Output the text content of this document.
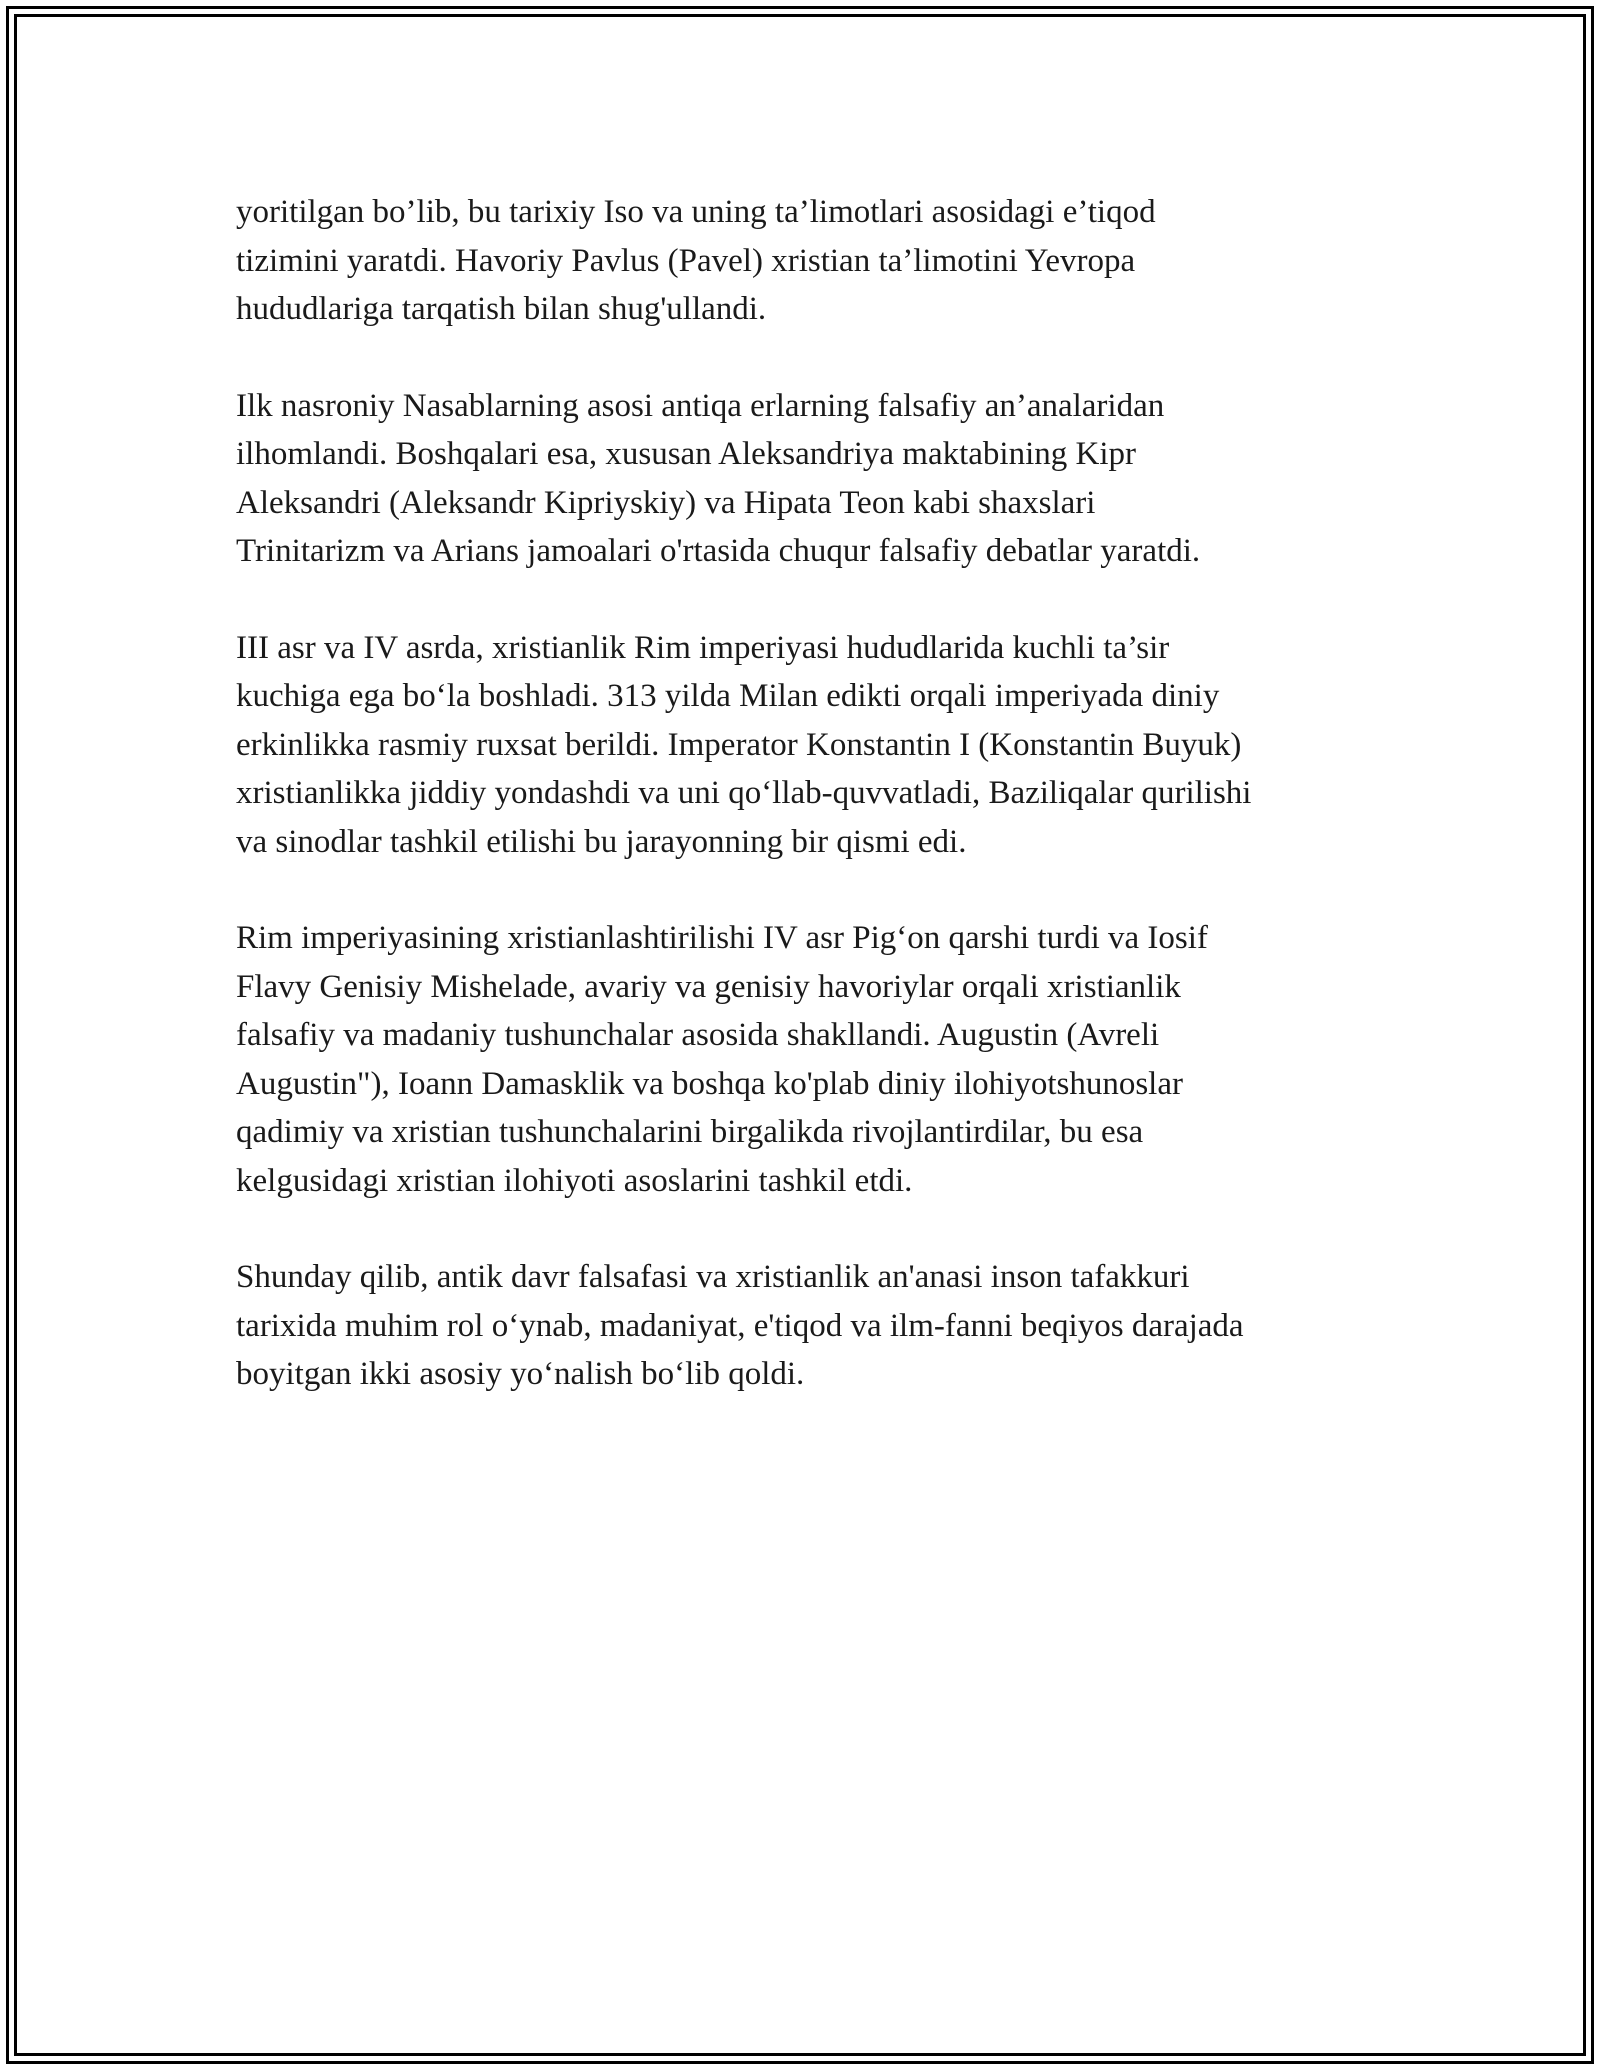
yoritilgan bo’lib, bu tarixiy Iso va uning ta’limotlari asosidagi e’tiqod
tizimini yaratdi. Havoriy Pavlus (Pavel) xristian ta’limotini Yevropa
hududlariga tarqatish bilan shug'ullandi.

Ilk nasroniy Nasablarning asosi antiqa erlarning falsafiy an’analaridan
ilhomlandi. Boshqalari esa, xususan Aleksandriya maktabining Kipr
Aleksandri (Aleksandr Kipriyskiy) va Hipata Teon kabi shaxslari
Trinitarizm va Arians jamoalari o'rtasida chuqur falsafiy debatlar yaratdi.

III asr va IV asrda, xristianlik Rim imperiyasi hududlarida kuchli ta’sir
kuchiga ega bo‘la boshladi. 313 yilda Milan edikti orqali imperiyada diniy
erkinlikka rasmiy ruxsat berildi. Imperator Konstantin I (Konstantin Buyuk)
xristianlikka jiddiy yondashdi va uni qo‘llab-quvvatladi, Baziliqalar qurilishi
va sinodlar tashkil etilishi bu jarayonning bir qismi edi.

Rim imperiyasining xristianlashtirilishi IV asr Pig‘on qarshi turdi va Iosif
Flavy Genisiy Mishelade, avariy va genisiy havoriylar orqali xristianlik
falsafiy va madaniy tushunchalar asosida shakllandi. Augustin (Avreli
Augustin"), Ioann Damasklik va boshqa ko'plab diniy ilohiyotshunoslar
qadimiy va xristian tushunchalarini birgalikda rivojlantirdilar, bu esa
kelgusidagi xristian ilohiyoti asoslarini tashkil etdi.

Shunday qilib, antik davr falsafasi va xristianlik an'anasi inson tafakkuri
tarixida muhim rol o‘ynab, madaniyat, e'tiqod va ilm-fanni beqiyos darajada
boyitgan ikki asosiy yo‘nalish bo‘lib qoldi.
